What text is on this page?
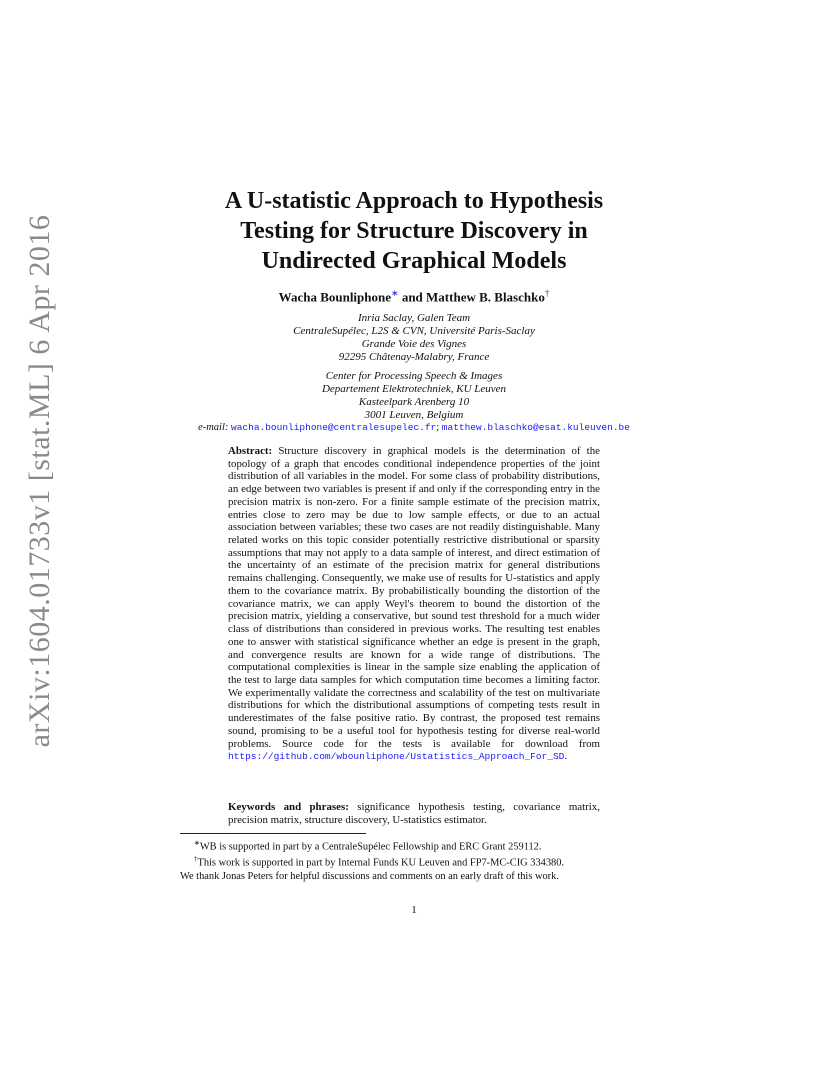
arXiv:1604.01733v1 [stat.ML] 6 Apr 2016
A U-statistic Approach to Hypothesis
Testing for Structure Discovery in
Undirected Graphical Models
Wacha Bounliphone∗ and Matthew B. Blaschko†
Inria Saclay, Galen Team
CentraleSupélec, L2S & CVN, Université Paris-Saclay
Grande Voie des Vignes
92295 Châtenay-Malabry, France
Center for Processing Speech & Images
Departement Elektrotechniek, KU Leuven
Kasteelpark Arenberg 10
3001 Leuven, Belgium
e-mail: wacha.bounliphone@centralesupelec.fr; matthew.blaschko@esat.kuleuven.be
Abstract: Structure discovery in graphical models is the determination of the topology of a graph that encodes conditional independence properties of the joint distribution of all variables in the model. For some class of probability distributions, an edge between two variables is present if and only if the corresponding entry in the precision matrix is non-zero. For a finite sample estimate of the precision matrix, entries close to zero may be due to low sample effects, or due to an actual association between variables; these two cases are not readily distinguishable. Many related works on this topic consider potentially restrictive distributional or sparsity assumptions that may not apply to a data sample of interest, and direct estimation of the uncertainty of an estimate of the precision matrix for general distributions remains challenging. Consequently, we make use of results for U-statistics and apply them to the covariance matrix. By probabilistically bounding the distortion of the covariance matrix, we can apply Weyl's theorem to bound the distortion of the precision matrix, yielding a conservative, but sound test threshold for a much wider class of distributions than considered in previous works. The resulting test enables one to answer with statistical significance whether an edge is present in the graph, and convergence results are known for a wide range of distributions. The computational complexities is linear in the sample size enabling the application of the test to large data samples for which computation time becomes a limiting factor. We experimentally validate the correctness and scalability of the test on multivariate distributions for which the distributional assumptions of competing tests result in underestimates of the false positive ratio. By contrast, the proposed test remains sound, promising to be a useful tool for hypothesis testing for diverse real-world problems. Source code for the tests is available for download from https://github.com/wbounliphone/Ustatistics_Approach_For_SD.
Keywords and phrases: significance hypothesis testing, covariance matrix, precision matrix, structure discovery, U-statistics estimator.
∗WB is supported in part by a CentraleSupélec Fellowship and ERC Grant 259112.
†This work is supported in part by Internal Funds KU Leuven and FP7-MC-CIG 334380.
We thank Jonas Peters for helpful discussions and comments on an early draft of this work.
1
